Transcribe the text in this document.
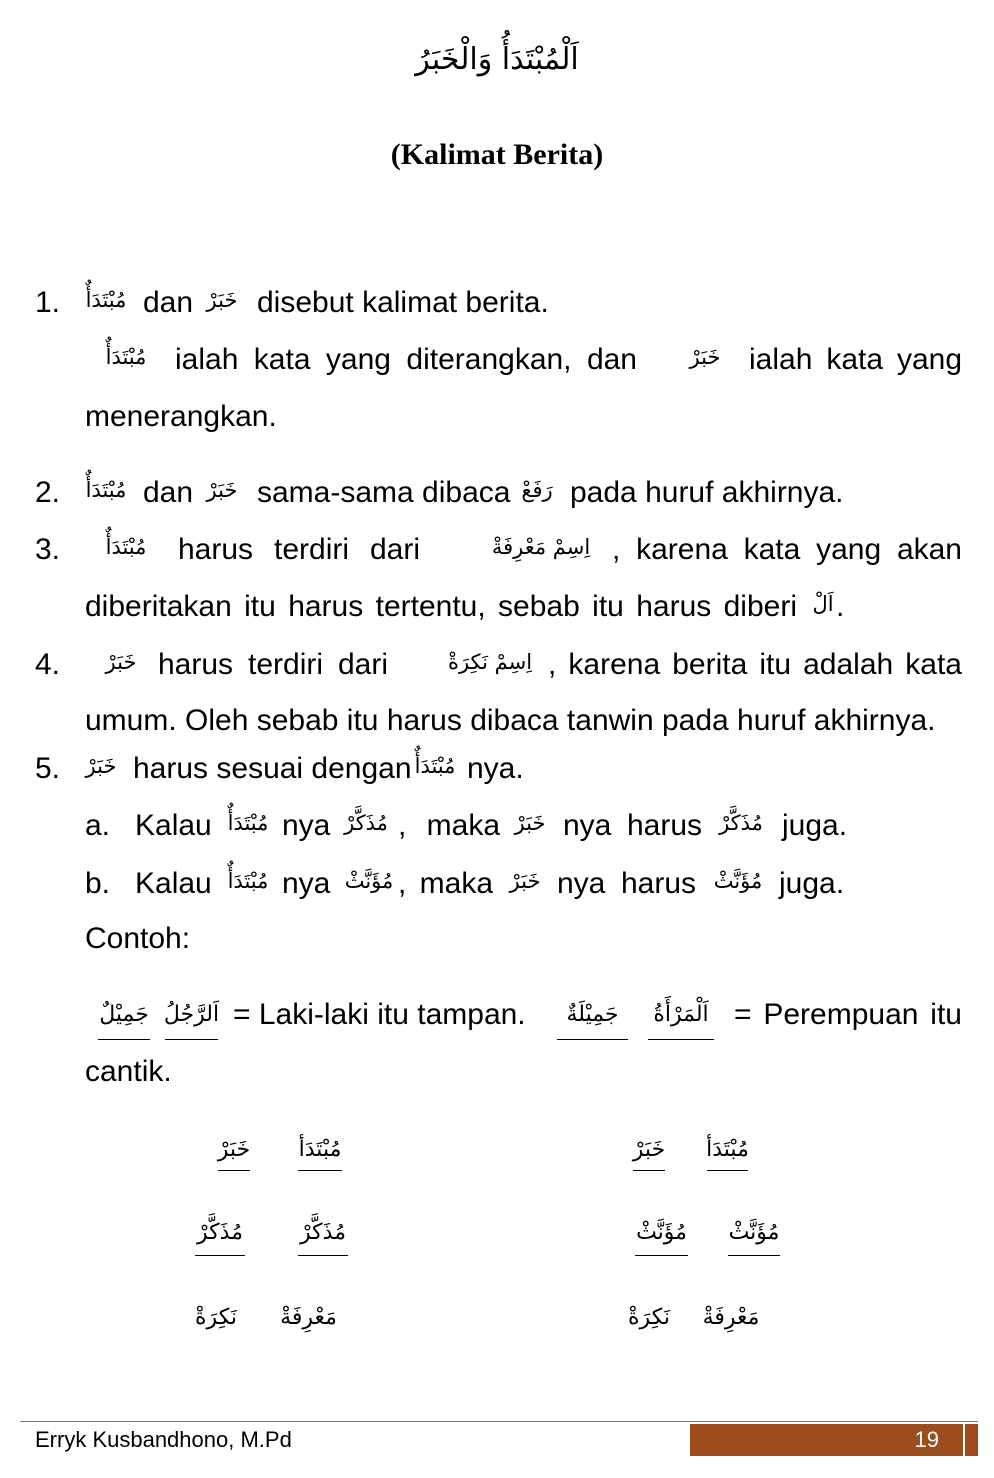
اَلْمُبْتَدَأُ وَالْخَبَرُ
(Kalimat Berita)
1.	مُبْتَدَأٌ dan خَبَرْ disebut kalimat berita.
مُبْتَدَأٌ ialah kata yang diterangkan, dan	خَبَرْ ialah kata yang
menerangkan.
2.	مُبْتَدَأٌ dan خَبَرْ sama-sama dibaca رَفَعْ pada huruf akhirnya.
3.	مُبْتَدَأٌ	harus terdiri dari	اِسِمْ مَعْرِفَةْ , karena kata yang akan
diberitakan itu harus tertentu, sebab itu harus diberi اَلْ .
4.	خَبَرْ harus terdiri dari	اِسِمْ نَكِرَةْ , karena berita itu adalah kata
umum. Oleh sebab itu harus dibaca tanwin pada huruf akhirnya.
5.	خَبَرْ harus sesuai dengan مُبْتَدَأٌ nya.
a. Kalau مُبْتَدَأٌ nya مُذَكَّرْ , maka خَبَرْ nya harus مُذَكَّرْ juga.
b. Kalau مُبْتَدَأٌ nya مُؤَنَّثْ , maka خَبَرْ nya harus مُؤَنَّثْ juga.
Contoh:
جَمِيْلٌ اَلرَّجُلُ = Laki-laki itu tampan.	جَمِيْلَةٌ	اَلْمَرْأَةُ = Perempuan itu
cantik.
خَبَرْ مُبْتَدَأ	خَبَرْ مُبْتَدَأ
مُذَكَّرْ	مُذَكَّرْ	مُؤَنَّثْ مُؤَنَّثْ
نَكِرَةْ مَعْرِفَةْ	نَكِرَةْ مَعْرِفَةْ
Erryk Kusbandhono, M.Pd	19
